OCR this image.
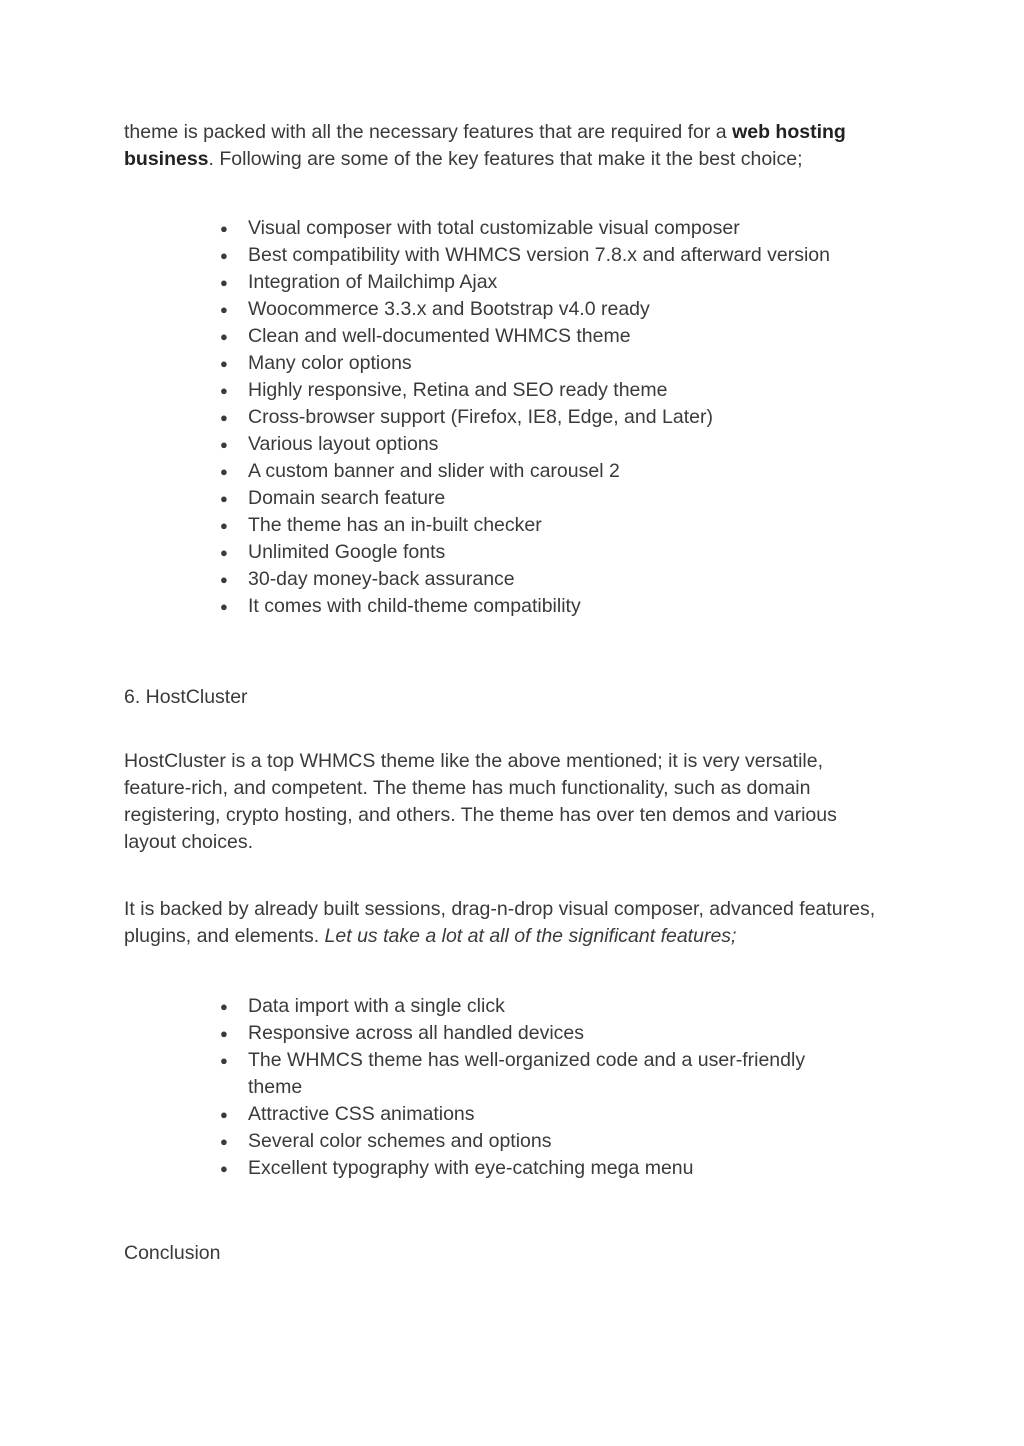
theme is packed with all the necessary features that are required for a web hosting
business. Following are some of the key features that make it the best choice;

● Visual composer with total customizable visual composer
● Best compatibility with WHMCS version 7.8.x and afterward version
● Integration of Mailchimp Ajax
● Woocommerce 3.3.x and Bootstrap v4.0 ready
● Clean and well-documented WHMCS theme
● Many color options
● Highly responsive, Retina and SEO ready theme
● Cross-browser support (Firefox, IE8, Edge, and Later)
● Various layout options
● A custom banner and slider with carousel 2
● Domain search feature
● The theme has an in-built checker
● Unlimited Google fonts
● 30-day money-back assurance
● It comes with child-theme compatibility

6. HostCluster

HostCluster is a top WHMCS theme like the above mentioned; it is very versatile, feature-rich, and competent. The theme has much functionality, such as domain registering, crypto hosting, and others. The theme has over ten demos and various layout choices.

It is backed by already built sessions, drag-n-drop visual composer, advanced features, plugins, and elements. Let us take a lot at all of the significant features;

● Data import with a single click
● Responsive across all handled devices
● The WHMCS theme has well-organized code and a user-friendly theme
● Attractive CSS animations
● Several color schemes and options
● Excellent typography with eye-catching mega menu

Conclusion
